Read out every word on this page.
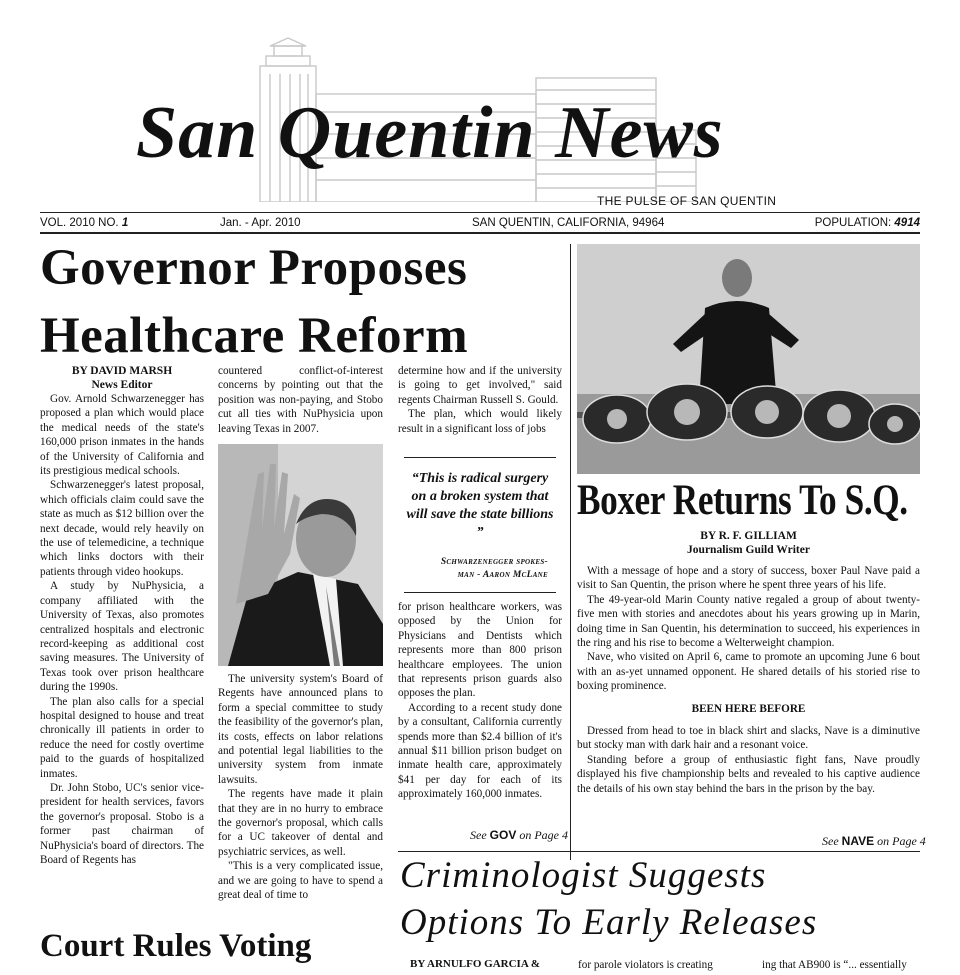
San Quentin News
THE PULSE OF SAN QUENTIN
VOL. 2010 NO. 1	Jan. - Apr. 2010	SAN QUENTIN, CALIFORNIA, 94964	POPULATION: 4914
Governor Proposes
Healthcare Reform
BY DAVID MARSH
News Editor

Gov. Arnold Schwarzenegger has proposed a plan which would place the medical needs of the state's 160,000 prison inmates in the hands of the University of California and its prestigious medical schools.

Schwarzenegger's latest proposal, which officials claim could save the state as much as $12 billion over the next decade, would rely heavily on the use of telemedicine, a technique which links doctors with their patients through video hookups.

A study by NuPhysicia, a company affiliated with the University of Texas, also promotes centralized hospitals and electronic record-keeping as additional cost saving measures. The University of Texas took over prison healthcare during the 1990s.

The plan also calls for a special hospital designed to house and treat chronically ill patients in order to reduce the need for costly overtime paid to the guards of hospitalized inmates.

Dr. John Stobo, UC's senior vice-president for health services, favors the governor's proposal. Stobo is a former past chairman of NuPhysicia's board of directors. The Board of Regents has

countered conflict-of-interest concerns by pointing out that the position was non-paying, and Stobo cut all ties with NuPhysicia upon leaving Texas in 2007.

The university system's Board of Regents have announced plans to form a special committee to study the feasibility of the governor's plan, its costs, effects on labor relations and potential legal liabilities to the university system from inmate lawsuits.

The regents have made it plain that they are in no hurry to embrace the governor's proposal, which calls for a UC takeover of dental and psychiatric services, as well.

"This is a very complicated issue, and we are going to have to spend a great deal of time to

determine how and if the university is going to get involved," said regents Chairman Russell S. Gould.

The plan, which would likely result in a significant loss of jobs

“This is radical surgery on a broken system that will save the state billions ”
Schwarzenegger spokes-
man - Aaron McLane

for prison healthcare workers, was opposed by the Union for Physicians and Dentists which represents more than 800 prison healthcare employees. The union that represents prison guards also opposes the plan.

According to a recent study done by a consultant, California currently spends more than $2.4 billion of it's annual $11 billion prison budget on inmate health care, approximately $41 per day for each of its approximately 160,000 inmates.

See GOV on Page 4
Boxer Returns To S.Q.
BY R. F. GILLIAM
Journalism Guild Writer

With a message of hope and a story of success, boxer Paul Nave paid a visit to San Quentin, the prison where he spent three years of his life.

The 49-year-old Marin County native regaled a group of about twenty-five men with stories and anecdotes about his years growing up in Marin, doing time in San Quentin, his determination to succeed, his experiences in the ring and his rise to become a Welterweight champion.

Nave, who visited on April 6, came to promote an upcoming June 6 bout with an as-yet unnamed opponent. He shared details of his storied rise to boxing prominence.

BEEN HERE BEFORE

Dressed from head to toe in black shirt and slacks, Nave is a diminutive but stocky man with dark hair and a resonant voice.

Standing before a group of enthusiastic fight fans, Nave proudly displayed his five championship belts and revealed to his captive audience the details of his own stay behind the bars in the prison by the bay.

See NAVE on Page 4
Criminologist Suggests
Options To Early Releases
BY ARNULFO GARCIA &	for parole violators is creating	ing that AB900 is “... essentially
Court Rules Voting
